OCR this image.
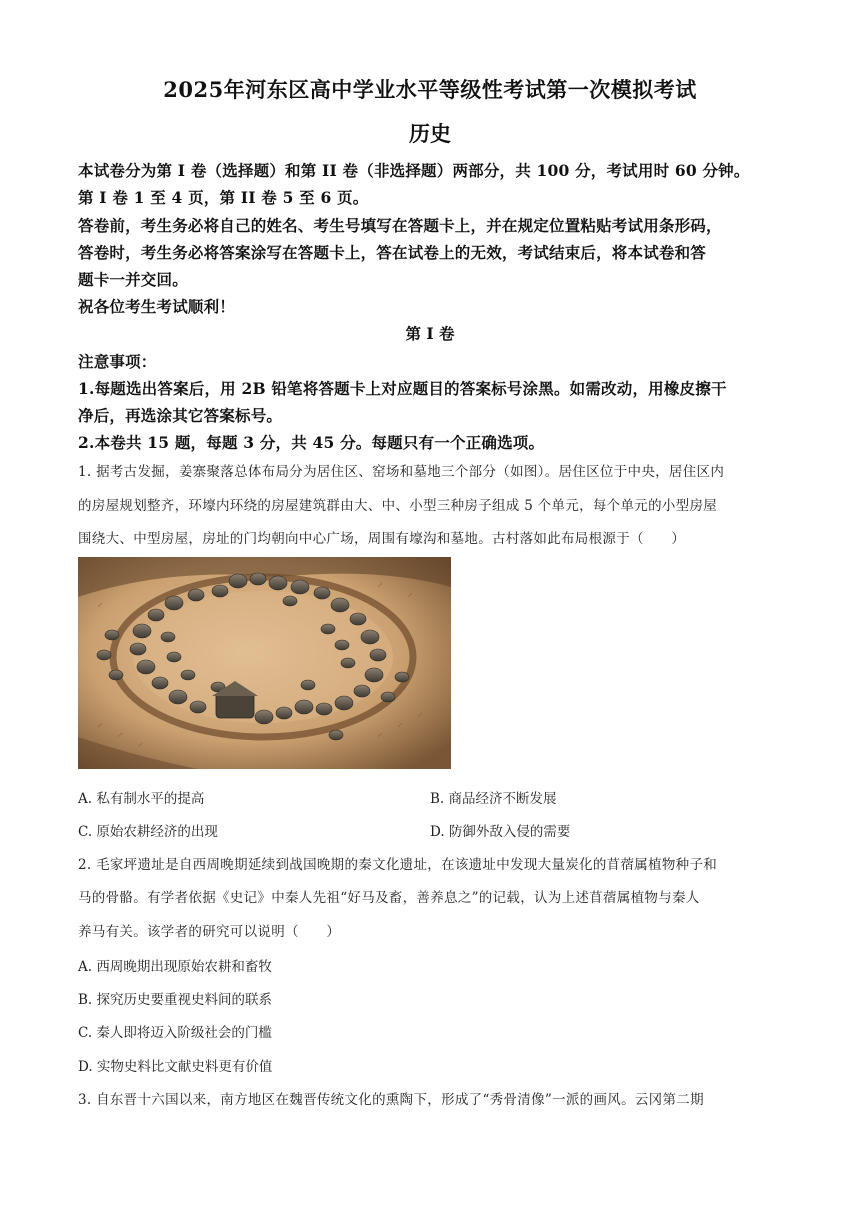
2025年河东区高中学业水平等级性考试第一次模拟考试
历史
本试卷分为第 I 卷（选择题）和第 II 卷（非选择题）两部分，共 100 分，考试用时 60 分钟。
第 I 卷 1 至 4 页，第 II 卷 5 至 6 页。
答卷前，考生务必将自己的姓名、考生号填写在答题卡上，并在规定位置粘贴考试用条形码，
答卷时，考生务必将答案涂写在答题卡上，答在试卷上的无效，考试结束后，将本试卷和答
题卡一并交回。
祝各位考生考试顺利！
第 I 卷
注意事项：
1.每题选出答案后，用 2B 铅笔将答题卡上对应题目的答案标号涂黑。如需改动，用橡皮擦干
净后，再选涂其它答案标号。
2.本卷共 15 题，每题 3 分，共 45 分。每题只有一个正确选项。
1. 据考古发掘，姜寨聚落总体布局分为居住区、窑场和墓地三个部分（如图）。居住区位于中央，居住区内
的房屋规划整齐，环壕内环绕的房屋建筑群由大、中、小型三种房子组成 5 个单元，每个单元的小型房屋
围绕大、中型房屋，房址的门均朝向中心广场，周围有壕沟和墓地。古村落如此布局根源于（　　）
A. 私有制水平的提高	B. 商品经济不断发展
C. 原始农耕经济的出现	D. 防御外敌入侵的需要
2. 毛家坪遗址是自西周晚期延续到战国晚期的秦文化遗址，在该遗址中发现大量炭化的苜蓿属植物种子和
马的骨骼。有学者依据《史记》中秦人先祖“好马及畜，善养息之”的记载，认为上述苜蓿属植物与秦人
养马有关。该学者的研究可以说明（　　）
A. 西周晚期出现原始农耕和畜牧
B. 探究历史要重视史料间的联系
C. 秦人即将迈入阶级社会的门槛
D. 实物史料比文献史料更有价值
3. 自东晋十六国以来，南方地区在魏晋传统文化的熏陶下，形成了“秀骨清像”一派的画风。云冈第二期
